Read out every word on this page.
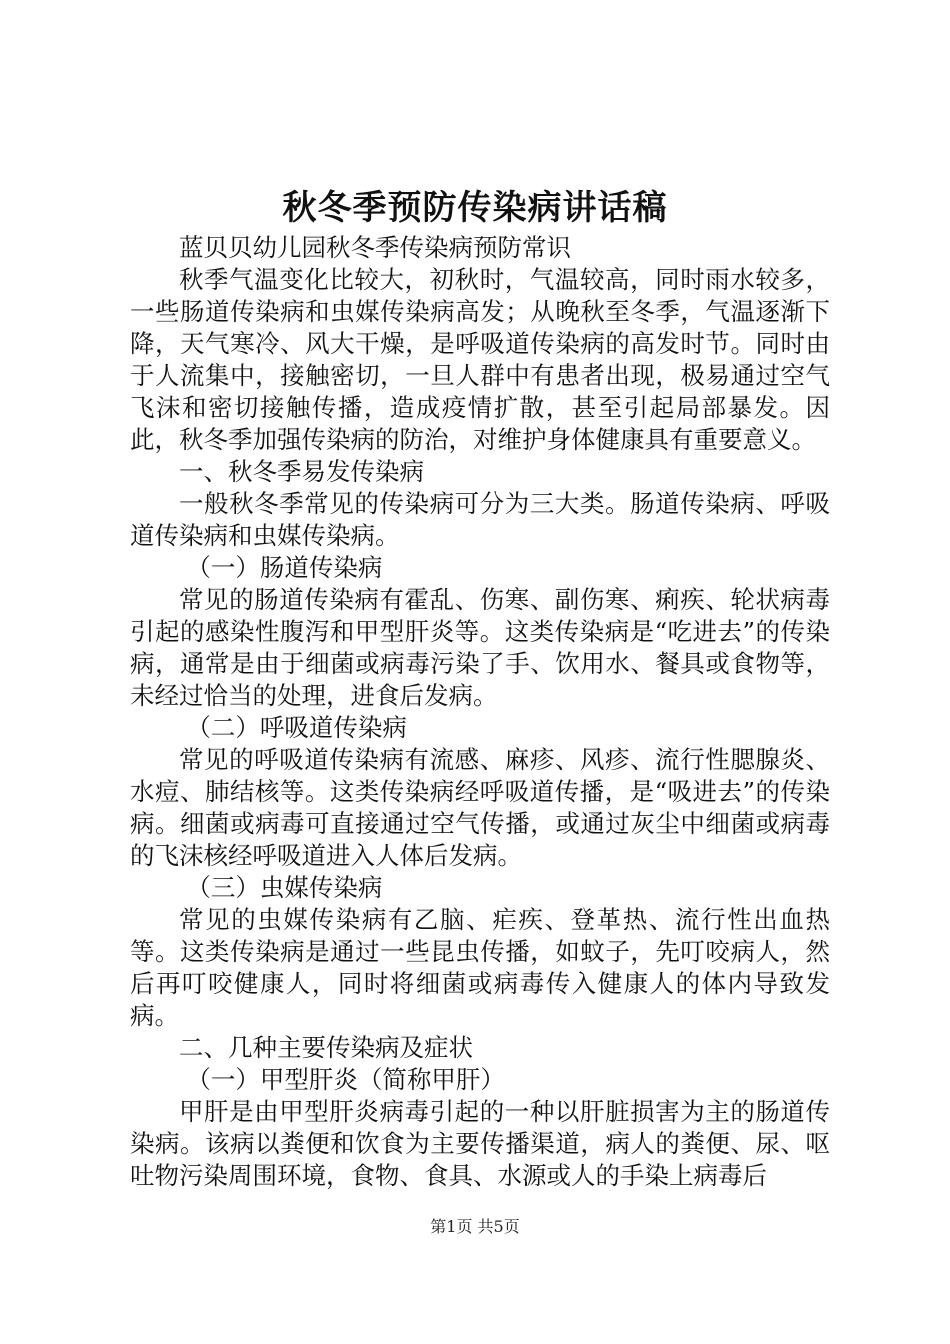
秋冬季预防传染病讲话稿

蓝贝贝幼儿园秋冬季传染病预防常识

秋季气温变化比较大，初秋时，气温较高，同时雨水较多，一些肠道传染病和虫媒传染病高发；从晚秋至冬季，气温逐渐下降，天气寒冷、风大干燥，是呼吸道传染病的高发时节。同时由于人流集中，接触密切，一旦人群中有患者出现，极易通过空气飞沫和密切接触传播，造成疫情扩散，甚至引起局部暴发。因此，秋冬季加强传染病的防治，对维护身体健康具有重要意义。

一、秋冬季易发传染病

一般秋冬季常见的传染病可分为三大类。肠道传染病、呼吸道传染病和虫媒传染病。

（一）肠道传染病

常见的肠道传染病有霍乱、伤寒、副伤寒、痢疾、轮状病毒引起的感染性腹泻和甲型肝炎等。这类传染病是“吃进去”的传染病，通常是由于细菌或病毒污染了手、饮用水、餐具或食物等，未经过恰当的处理，进食后发病。

（二）呼吸道传染病

常见的呼吸道传染病有流感、麻疹、风疹、流行性腮腺炎、水痘、肺结核等。这类传染病经呼吸道传播，是“吸进去”的传染病。细菌或病毒可直接通过空气传播，或通过灰尘中细菌或病毒的飞沫核经呼吸道进入人体后发病。

（三）虫媒传染病

常见的虫媒传染病有乙脑、疟疾、登革热、流行性出血热等。这类传染病是通过一些昆虫传播，如蚊子，先叮咬病人，然后再叮咬健康人，同时将细菌或病毒传入健康人的体内导致发病。

二、几种主要传染病及症状

（一）甲型肝炎（简称甲肝）

甲肝是由甲型肝炎病毒引起的一种以肝脏损害为主的肠道传染病。该病以粪便和饮食为主要传播渠道，病人的粪便、尿、呕吐物污染周围环境，食物、食具、水源或人的手染上病毒后

第1页 共5页
